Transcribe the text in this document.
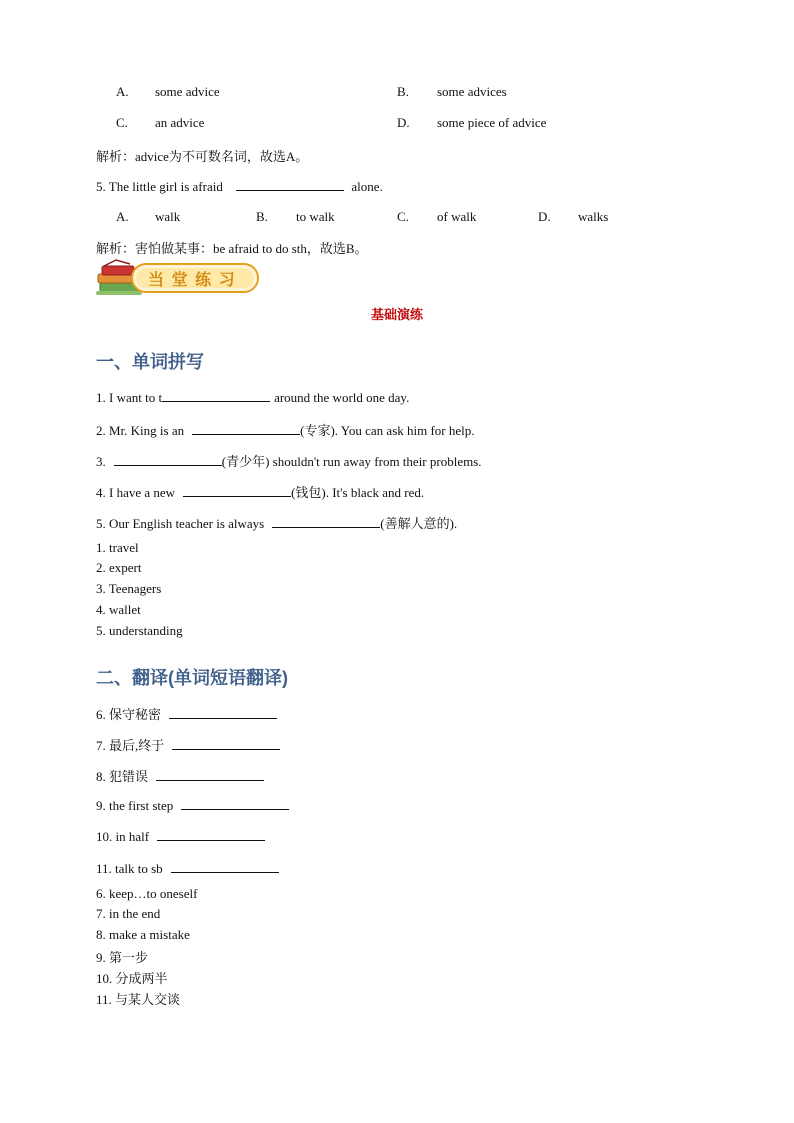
A. some advice	B. some advices
C. an advice	D. some piece of advice
解析：advice为不可数名词，故选A。
5. The little girl is afraid	alone.
A. walk	B. to walk	C. of walk	D. walks
解析：害怕做某事：be afraid to do sth，故选B。
当 堂 练 习
基础演练
一、单词拼写
1. I want to t	around the world one day.
2. Mr. King is an	(专家). You can ask him for help.
3.	(青少年) shouldn't run away from their problems.
4. I have a new	(钱包). It's black and red.
5. Our English teacher is always	(善解人意的).
1. travel
2. expert
3. Teenagers
4. wallet
5. understanding
二、翻译(单词短语翻译)
6. 保守秘密
7. 最后,终于
8. 犯错误
9. the first step
10. in half
11. talk to sb
6. keep…to oneself
7. in the end
8. make a mistake
9. 第一步
10. 分成两半
11. 与某人交谈
